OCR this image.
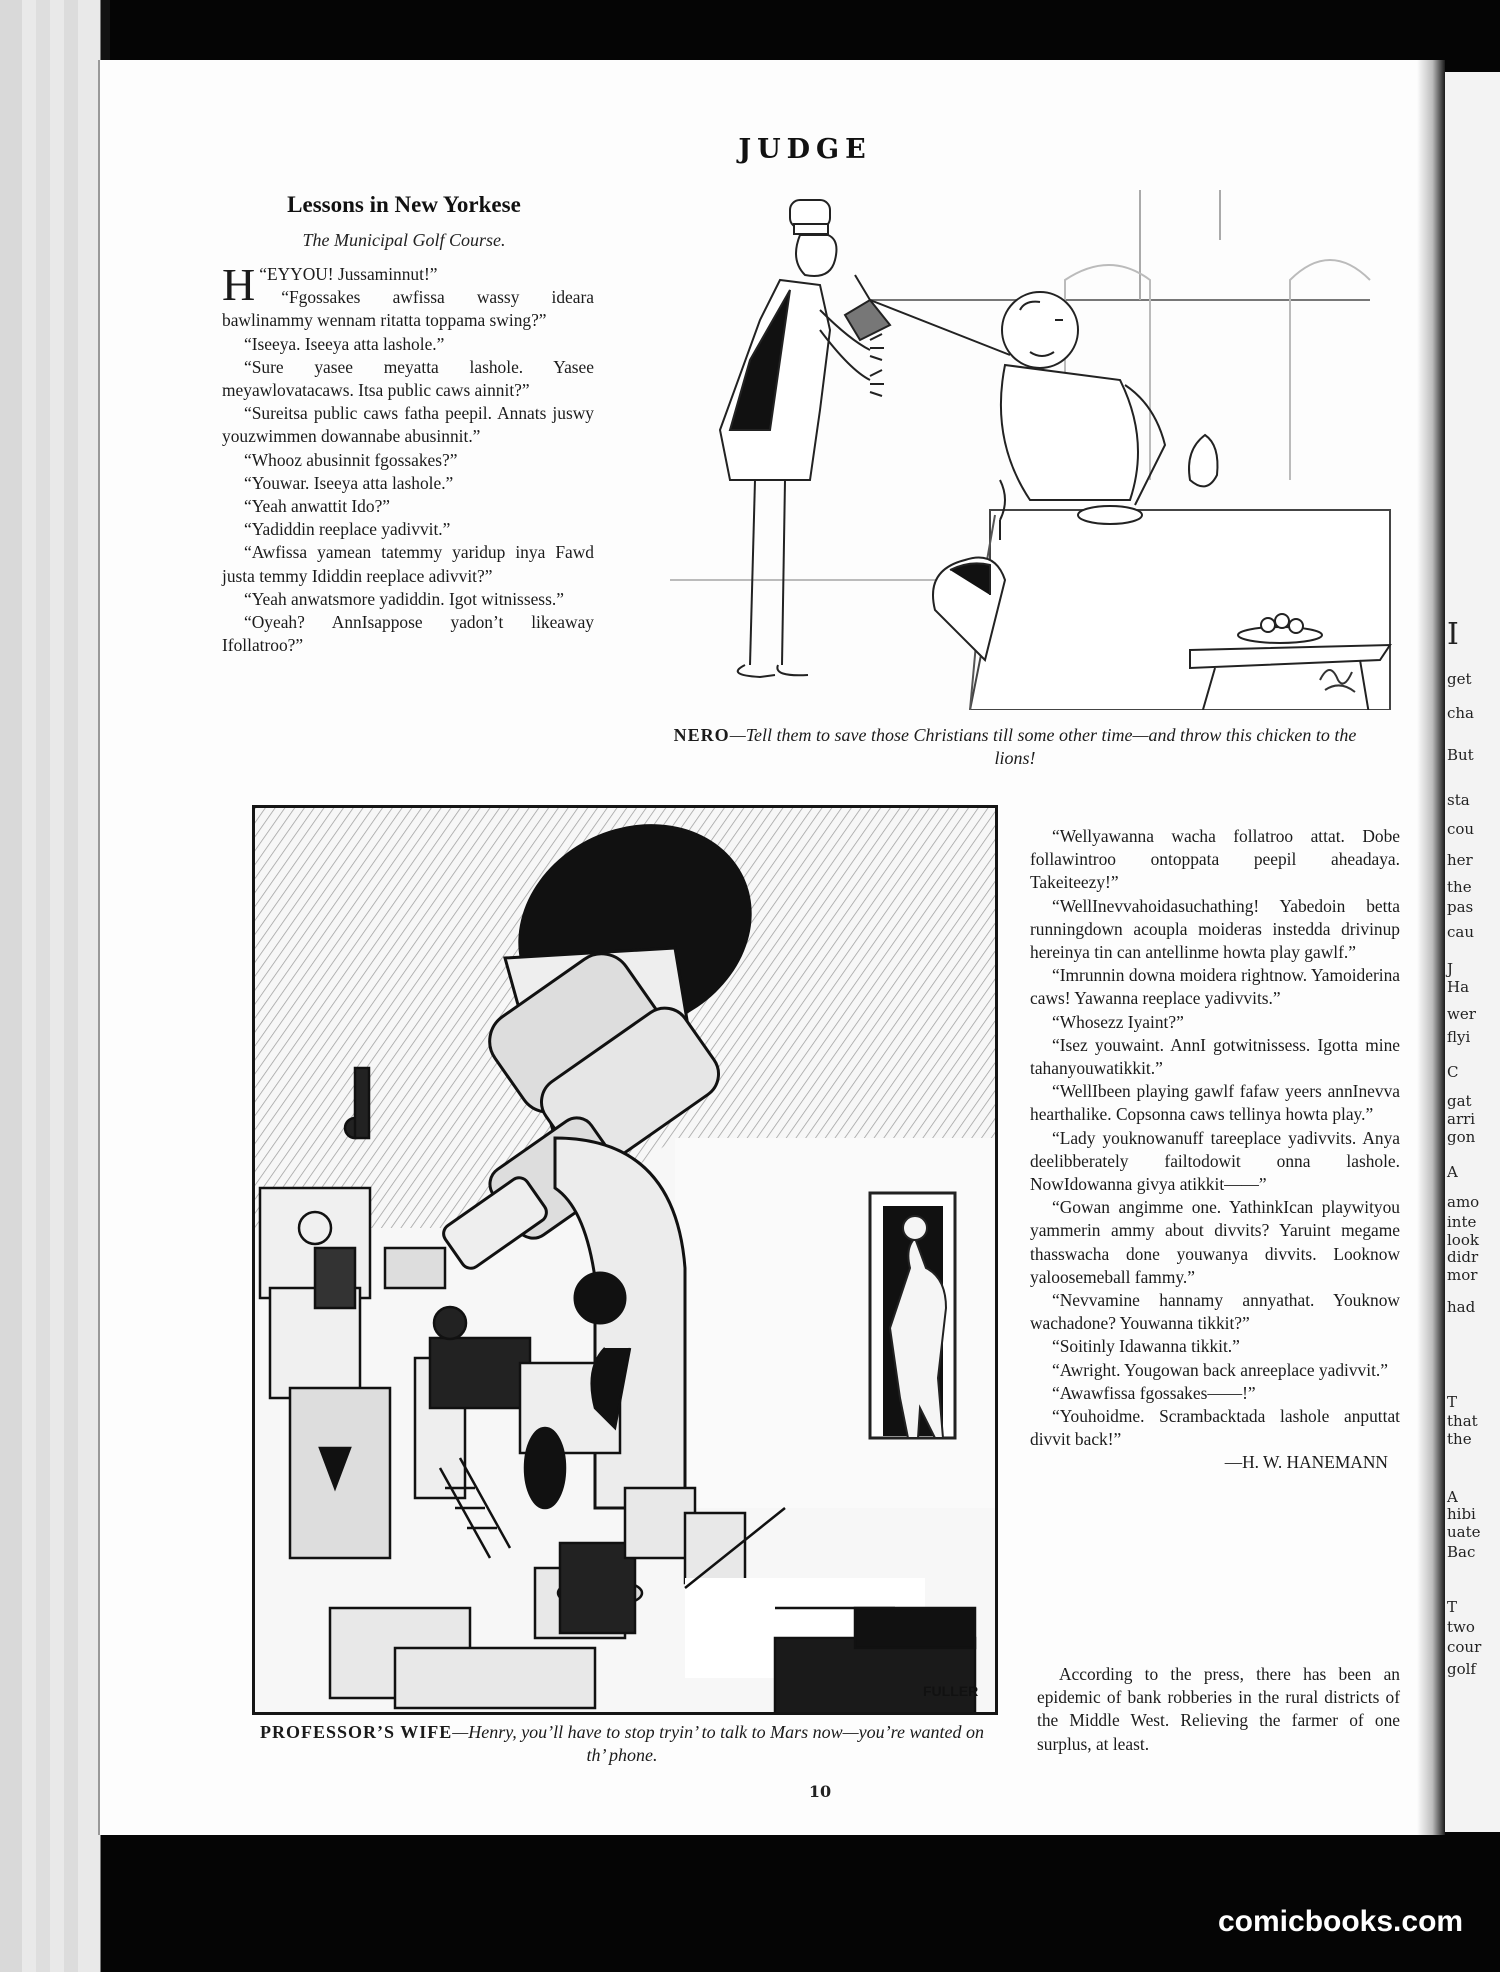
I
get
cha
But
sta
cou
her
the
pas
cau
J
Ha
wer
flyi
C
gat
arri
gon
A
amo
inte
look
didr
mor
had
T
that
the
A
hibi
uate
Bac
T
two
cour
golf
JUDGE
Lessons in New Yorkese
The Municipal Golf Course.

H “EYYOU! Jussaminnut!”

“Fgossakes awfissa wassy ideara bawlinammy wennam ritatta toppama swing?”

“Iseeya. Iseeya atta lashole.”

“Sure yasee meyatta lashole. Yasee meyawlovatacaws. Itsa public caws ainnit?”

“Sureitsa public caws fatha peepil. Annats juswy youzwimmen dowannabe abusinnit.”

“Whooz abusinnit fgossakes?”

“Youwar. Iseeya atta lashole.”

“Yeah anwattit Ido?”

“Yadiddin reeplace yadivvit.”

“Awfissa yamean tatemmy yaridup inya Fawd justa temmy Ididdin reeplace adivvit?”

“Yeah anwatsmore yadiddin. Igot witnissess.”

“Oyeah? AnnIsappose yadon’t likeaway Ifollatroo?”

NERO—Tell them to save those Christians till some other time—and throw this chicken to the lions!
FULLER
PROFESSOR’S WIFE—Henry, you’ll have to stop tryin’ to talk to Mars now—you’re wanted on th’ phone.

“Wellyawanna wacha follatroo attat. Dobe follawintroo ontoppata peepil aheadaya. Takeiteezy!”

“WellInevvahoidasuchathing! Yabedoin betta runningdown acoupla moideras insteddа drivinup hereinya tin can antellinme howta play gawlf.”

“Imrunnin downa moidera rightnow. Yamoiderina caws! Yawanna reeplace yadivvits.”

“Whosezz Iyaint?”

“Isez youwaint. AnnI gotwitnissess. Igotta mine tahanyouwatikkit.”

“WellIbeen playing gawlf fafaw yeers annInevva hearthalike. Copsonna caws tellinya howta play.”

“Lady youknowanuff tareeplace yadivvits. Anya deelibberately failtodowit onna lashole. NowIdowanna givya atikkit——”

“Gowan angimme one. YathinkIcan playwityou yammerin ammy about divvits? Yaruint megame thasswacha done youwanya divvits. Looknow yaloosemeball fammy.”

“Nevvamine hannamy annyathat. Youknow wachadone? Youwanna tikkit?”

“Soitinly Idawanna tikkit.”

“Awright. Yougowan back anreeplace yadivvit.”

“Awawfissa fgossakes——!”

“Youhoidme. Scrambacktada lashole anputtat divvit back!”

—H. W. HANEMANN

According to the press, there has been an epidemic of bank robberies in the rural districts of the Middle West. Relieving the farmer of one surplus, at least.

10
comicbooks.com
